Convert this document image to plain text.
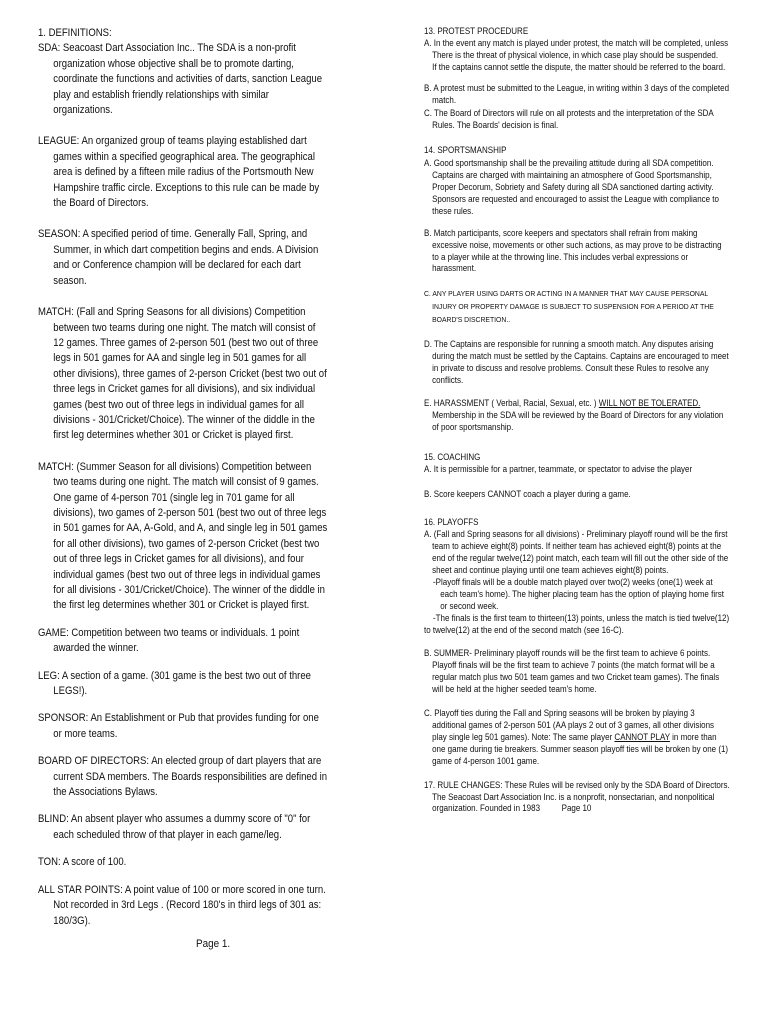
1. DEFINITIONS:

SDA: Seacoast Dart Association Inc.. The SDA is a non-profit organization whose objective shall be to promote darting, coordinate the functions and activities of darts, sanction League play and establish friendly relationships with similar organizations.

LEAGUE: An organized group of teams playing established dart games within a specified geographical area. The geographical area is defined by a fifteen mile radius of the Portsmouth New Hampshire traffic circle. Exceptions to this rule can be made by the Board of Directors.

SEASON: A specified period of time. Generally Fall, Spring, and Summer, in which dart competition begins and ends. A Division and or Conference champion will be declared for each dart season.

MATCH: (Fall and Spring Seasons for all divisions) Competition between two teams during one night. The match will consist of 12 games. Three games of 2-person 501 (best two out of three legs in 501 games for AA and single leg in 501 games for all other divisions), three games of 2-person Cricket (best two out of three legs in Cricket games for all divisions), and six individual games (best two out of three legs in individual games for all divisions - 301/Cricket/Choice). The winner of the diddle in the first leg determines whether 301 or Cricket is played first.

MATCH: (Summer Season for all divisions) Competition between two teams during one night. The match will consist of 9 games. One game of 4-person 701 (single leg in 701 game for all divisions), two games of 2-person 501 (best two out of three legs in 501 games for AA, A-Gold, and A, and single leg in 501 games for all other divisions), two games of 2-person Cricket (best two out of three legs in Cricket games for all divisions), and four individual games (best two out of three legs in individual games for all divisions - 301/Cricket/Choice). The winner of the diddle in the first leg determines whether 301 or Cricket is played first.

GAME: Competition between two teams or individuals. 1 point awarded the winner.

LEG: A section of a game. (301 game is the best two out of three LEGS!).

SPONSOR: An Establishment or Pub that provides funding for one or more teams.

BOARD OF DIRECTORS: An elected group of dart players that are current SDA members. The Boards responsibilities are defined in the Associations Bylaws.

BLIND: An absent player who assumes a dummy score of "0" for each scheduled throw of that player in each game/leg.

TON: A score of 100.

ALL STAR POINTS: A point value of 100 or more scored in one turn. Not recorded in 3rd Legs . (Record 180's in third legs of 301 as: 180/3G).

Page 1.

13. PROTEST PROCEDURE

A. In the event any match is played under protest, the match will be completed, unless

There is the threat of physical violence, in which case play should be suspended.

If the captains cannot settle the dispute, the matter should be referred to the board.

B. A protest must be submitted to the League, in writing within 3 days of the completed match.

C. The Board of Directors will rule on all protests and the interpretation of the SDA Rules. The Boards' decision is final.

14. SPORTSMANSHIP

A. Good sportsmanship shall be the prevailing attitude during all SDA competition. Captains are charged with maintaining an atmosphere of Good Sportsmanship, Proper Decorum, Sobriety and Safety during all SDA sanctioned darting activity. Sponsors are requested and encouraged to assist the League with compliance to these rules.

B. Match participants, score keepers and spectators shall refrain from making excessive noise, movements or other such actions, as may prove to be distracting to a player while at the throwing line. This includes verbal expressions or harassment.

C. ANY PLAYER USING DARTS OR ACTING IN A MANNER THAT MAY CAUSE PERSONAL INJURY OR PROPERTY DAMAGE IS SUBJECT TO SUSPENSION FOR A PERIOD AT THE BOARD'S DISCRETION..

D. The Captains are responsible for running a smooth match. Any disputes arising during the match must be settled by the Captains. Captains are encouraged to meet in private to discuss and resolve problems. Consult these Rules to resolve any conflicts.

E. HARASSMENT ( Verbal, Racial, Sexual, etc. ) WILL NOT BE TOLERATED.
Membership in the SDA will be reviewed by the Board of Directors for any violation of poor sportsmanship.

15. COACHING

A. It is permissible for a partner, teammate, or spectator to advise the player

B. Score keepers CANNOT coach a player during a game.

16. PLAYOFFS

A. (Fall and Spring seasons for all divisions) - Preliminary playoff round will be the first team to achieve eight(8) points. If neither team has achieved eight(8) points at the end of the regular twelve(12) point match, each team will fill out the other side of the sheet and continue playing until one team achieves eight(8) points.

-Playoff finals will be a double match played over two(2) weeks (one(1) week at each team's home). The higher placing team has the option of playing home first or second week.

-The finals is the first team to thirteen(13) points, unless the match is tied twelve(12)

to twelve(12) at the end of the second match (see 16-C).

B. SUMMER- Preliminary playoff rounds will be the first team to achieve 6 points. Playoff finals will be the first team to achieve 7 points (the match format will be a regular match plus two 501 team games and two Cricket team games). The finals will be held at the higher seeded team's home.

C. Playoff ties during the Fall and Spring seasons will be broken by playing 3 additional games of 2-person 501 (AA plays 2 out of 3 games, all other divisions play single leg 501 games). Note: The same player CANNOT PLAY in more than one game during tie breakers. Summer season playoff ties will be broken by one (1) game of 4-person 1001 game.

17. RULE CHANGES: These Rules will be revised only by the SDA Board of Directors. The Seacoast Dart Association Inc. is a nonprofit, nonsectarian, and nonpolitical organization. Founded in 1983 Page 10
